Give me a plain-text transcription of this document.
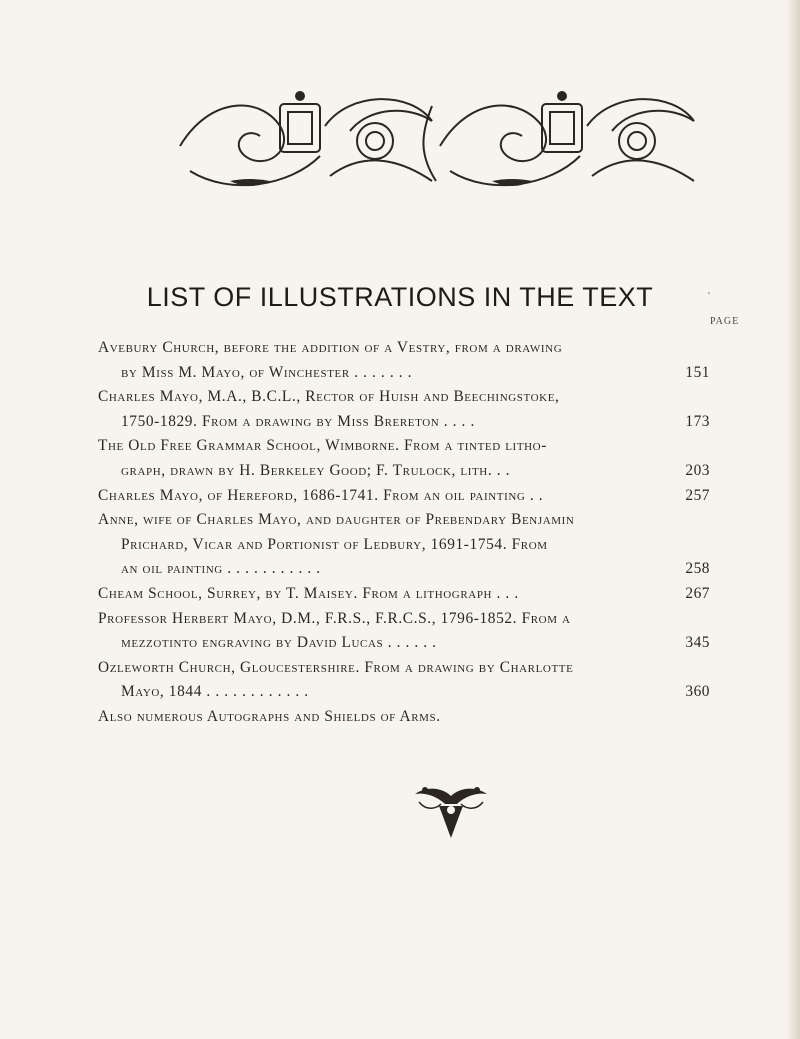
LIST OF ILLUSTRATIONS IN THE TEXT	'
PAGE
Avebury Church, before the addition of a Vestry, from a drawing
by Miss M. Mayo, of Winchester . . . . . . .	151
Charles Mayo, M.A., B.C.L., Rector of Huish and Beechingstoke,
1750-1829. From a drawing by Miss Brereton . . . .	173
The Old Free Grammar School, Wimborne. From a tinted litho-
graph, drawn by H. Berkeley Good; F. Trulock, lith. . .	203
Charles Mayo, of Hereford, 1686-1741. From an oil painting . .	257
Anne, wife of Charles Mayo, and daughter of Prebendary Benjamin
Prichard, Vicar and Portionist of Ledbury, 1691-1754. From
an oil painting . . . . . . . . . . .	258
Cheam School, Surrey, by T. Maisey. From a lithograph . . .	267
Professor Herbert Mayo, D.M., F.R.S., F.R.C.S., 1796-1852. From a
mezzotinto engraving by David Lucas . . . . . .	345
Ozleworth Church, Gloucestershire. From a drawing by Charlotte
Mayo, 1844 . . . . . . . . . . . .	360
Also numerous Autographs and Shields of Arms.
